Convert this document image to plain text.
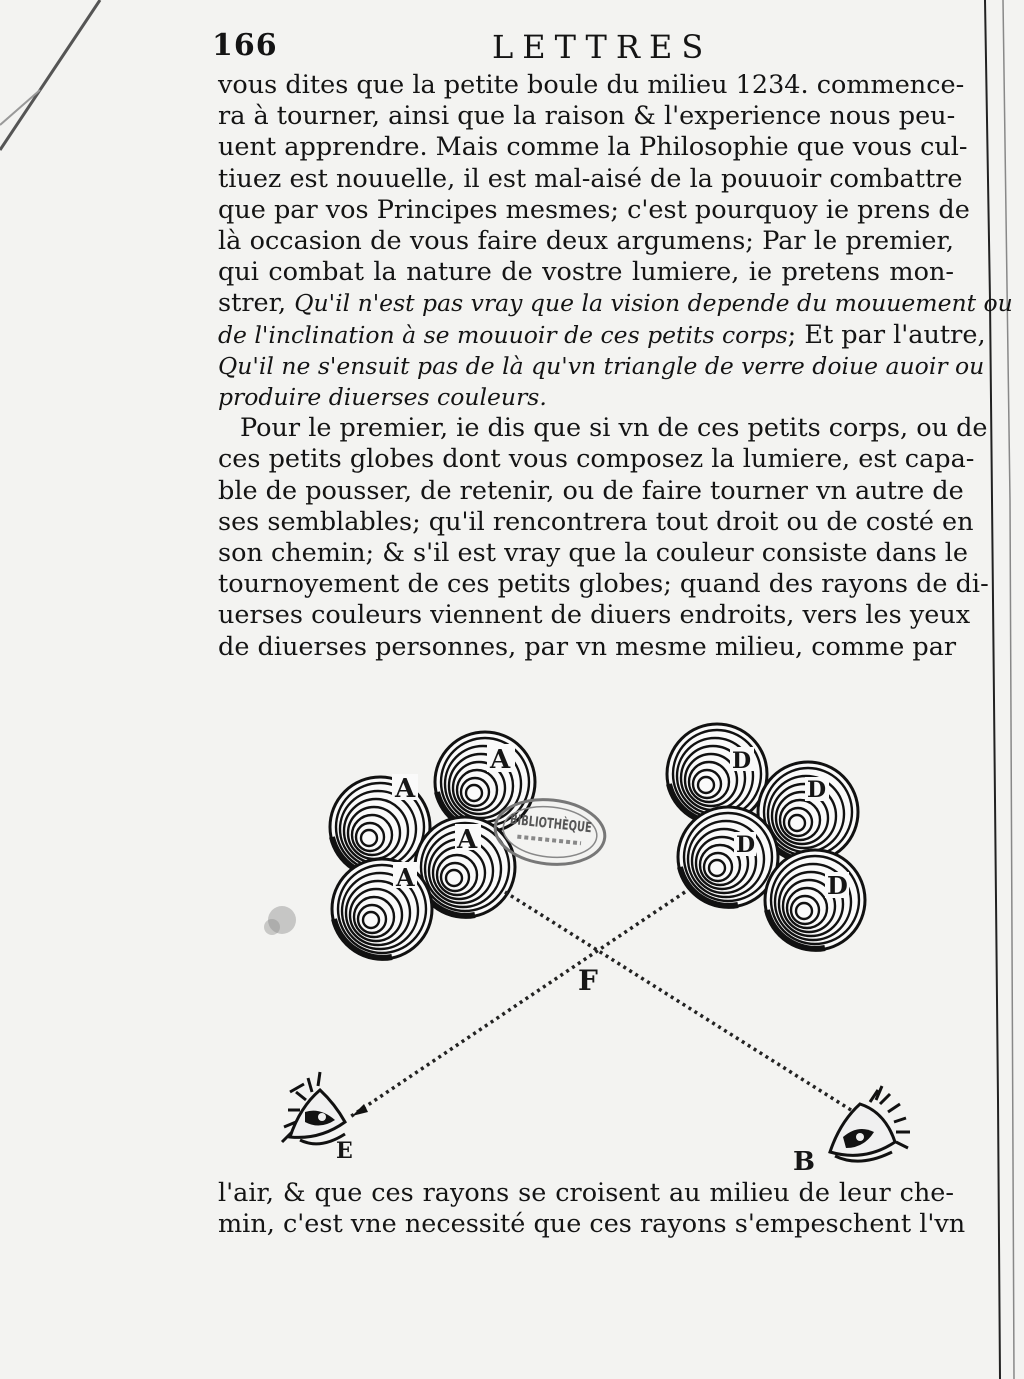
166	LETTRES
vous dites que la petite boule du milieu 1234. commence-
ra à tourner, ainsi que la raison & l'experience nous peu-
uent apprendre. Mais comme la Philosophie que vous cul-
tiuez est nouuelle, il est mal-aisé de la pouuoir combattre
que par vos Principes mesmes; c'est pourquoy ie prens de
là occasion de vous faire deux argumens; Par le premier,
qui combat la nature de vostre lumiere, ie pretens mon-
strer, Qu'il n'est pas vray que la vision depende du mouuement ou
de l'inclination à se mouuoir de ces petits corps; Et par l'autre,
Qu'il ne s'ensuit pas de là qu'vn triangle de verre doiue auoir ou
produire diuerses couleurs.
Pour le premier, ie dis que si vn de ces petits corps, ou de
ces petits globes dont vous composez la lumiere, est capa-
ble de pousser, de retenir, ou de faire tourner vn autre de
ses semblables; qu'il rencontrera tout droit ou de costé en
son chemin; & s'il est vray que la couleur consiste dans le
tournoyement de ces petits globes; quand des rayons de di-
uerses couleurs viennent de diuers endroits, vers les yeux
de diuerses personnes, par vn mesme milieu, comme par
A
A
A
A
D
D
D
D
BIBLIOTHÈQUE
F
E	B
l'air, & que ces rayons se croisent au milieu de leur che-
min, c'est vne necessité que ces rayons s'empeschent l'vn
